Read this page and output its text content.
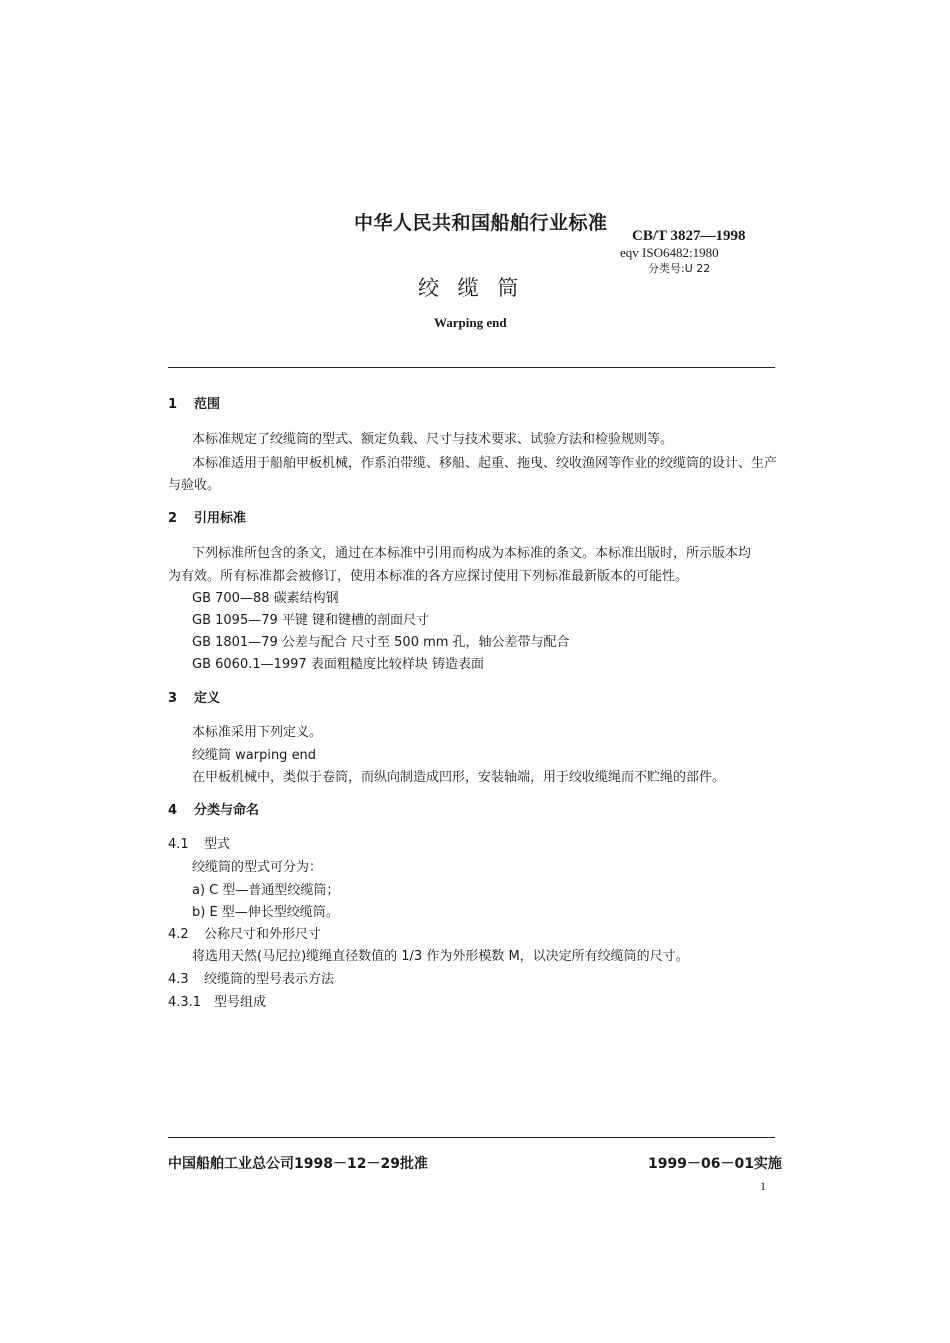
中华人民共和国船舶行业标准
CB/T 3827—1998
eqv ISO6482:1980
分类号:U 22
绞 缆 筒
Warping end
1 范围
本标准规定了绞缆筒的型式、额定负载、尺寸与技术要求、试验方法和检验规则等。
本标准适用于船舶甲板机械，作系泊带缆、移船、起重、拖曳、绞收渔网等作业的绞缆筒的设计、生产
与验收。
2 引用标准
下列标准所包含的条文，通过在本标准中引用而构成为本标准的条文。本标准出版时，所示版本均
为有效。所有标准都会被修订，使用本标准的各方应探讨使用下列标准最新版本的可能性。
GB 700—88 碳素结构钢
GB 1095—79 平键 键和键槽的剖面尺寸
GB 1801—79 公差与配合 尺寸至 500 mm 孔，轴公差带与配合
GB 6060.1—1997 表面粗糙度比较样块 铸造表面
3 定义
本标准采用下列定义。
绞缆筒 warping end
在甲板机械中，类似于卷筒，而纵向制造成凹形，安装轴端，用于绞收缆绳而不贮绳的部件。
4 分类与命名
4.1 型式
绞缆筒的型式可分为：
a) C 型—普通型绞缆筒；
b) E 型—伸长型绞缆筒。
4.2 公称尺寸和外形尺寸
将选用天然(马尼拉)缆绳直径数值的 1/3 作为外形模数 M，以决定所有绞缆筒的尺寸。
4.3 绞缆筒的型号表示方法
4.3.1 型号组成
中国船舶工业总公司1998－12－29批准	1999－06－01实施
1
